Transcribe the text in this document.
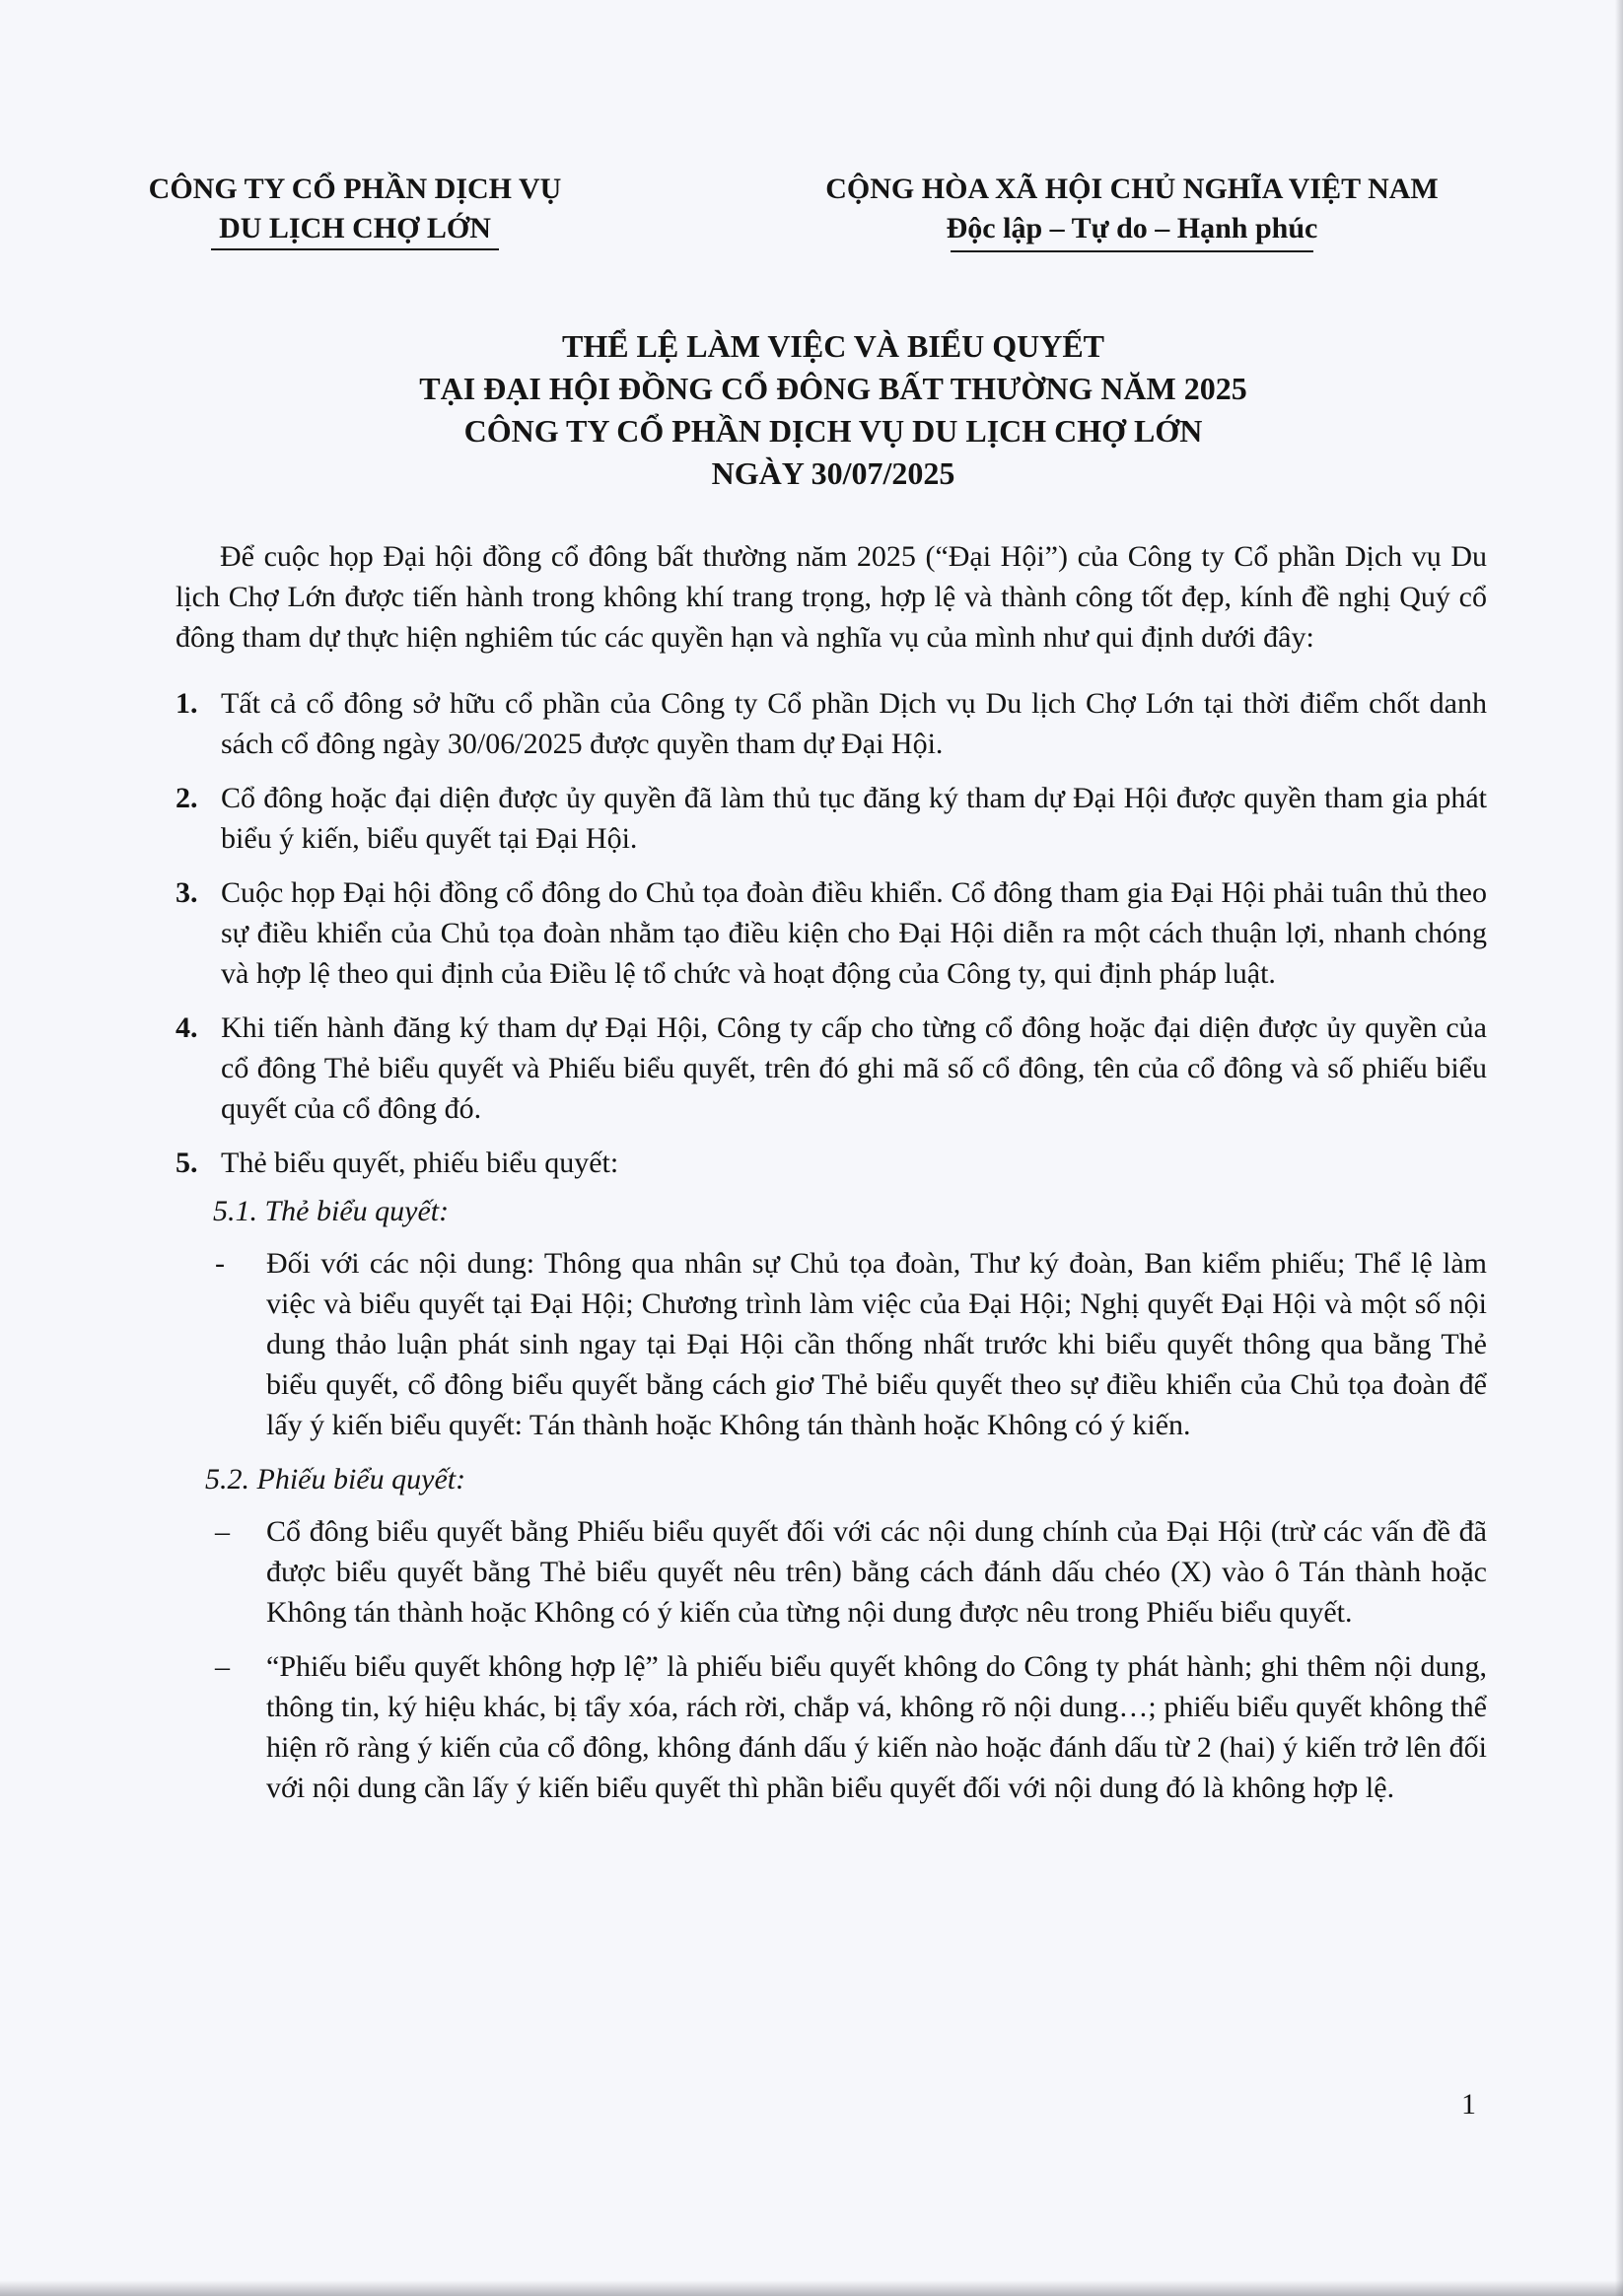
CÔNG TY CỔ PHẦN DỊCH VỤ
DU LỊCH CHỢ LỚN
CỘNG HÒA XÃ HỘI CHỦ NGHĨA VIỆT NAM
Độc lập – Tự do – Hạnh phúc
THỂ LỆ LÀM VIỆC VÀ BIỂU QUYẾT
TẠI ĐẠI HỘI ĐỒNG CỔ ĐÔNG BẤT THƯỜNG NĂM 2025
CÔNG TY CỔ PHẦN DỊCH VỤ DU LỊCH CHỢ LỚN
NGÀY 30/07/2025

Để cuộc họp Đại hội đồng cổ đông bất thường năm 2025 (“Đại Hội”) của Công ty Cổ phần Dịch vụ Du lịch Chợ Lớn được tiến hành trong không khí trang trọng, hợp lệ và thành công tốt đẹp, kính đề nghị Quý cổ đông tham dự thực hiện nghiêm túc các quyền hạn và nghĩa vụ của mình như qui định dưới đây:

1. Tất cả cổ đông sở hữu cổ phần của Công ty Cổ phần Dịch vụ Du lịch Chợ Lớn tại thời điểm chốt danh sách cổ đông ngày 30/06/2025 được quyền tham dự Đại Hội.
2. Cổ đông hoặc đại diện được ủy quyền đã làm thủ tục đăng ký tham dự Đại Hội được quyền tham gia phát biểu ý kiến, biểu quyết tại Đại Hội.
3. Cuộc họp Đại hội đồng cổ đông do Chủ tọa đoàn điều khiển. Cổ đông tham gia Đại Hội phải tuân thủ theo sự điều khiển của Chủ tọa đoàn nhằm tạo điều kiện cho Đại Hội diễn ra một cách thuận lợi, nhanh chóng và hợp lệ theo qui định của Điều lệ tổ chức và hoạt động của Công ty, qui định pháp luật.
4. Khi tiến hành đăng ký tham dự Đại Hội, Công ty cấp cho từng cổ đông hoặc đại diện được ủy quyền của cổ đông Thẻ biểu quyết và Phiếu biểu quyết, trên đó ghi mã số cổ đông, tên của cổ đông và số phiếu biểu quyết của cổ đông đó.
5. Thẻ biểu quyết, phiếu biểu quyết:
5.1. Thẻ biểu quyết:
- Đối với các nội dung: Thông qua nhân sự Chủ tọa đoàn, Thư ký đoàn, Ban kiểm phiếu; Thể lệ làm việc và biểu quyết tại Đại Hội; Chương trình làm việc của Đại Hội; Nghị quyết Đại Hội và một số nội dung thảo luận phát sinh ngay tại Đại Hội cần thống nhất trước khi biểu quyết thông qua bằng Thẻ biểu quyết, cổ đông biểu quyết bằng cách giơ Thẻ biểu quyết theo sự điều khiển của Chủ tọa đoàn để lấy ý kiến biểu quyết: Tán thành hoặc Không tán thành hoặc Không có ý kiến.
5.2. Phiếu biểu quyết:
– Cổ đông biểu quyết bằng Phiếu biểu quyết đối với các nội dung chính của Đại Hội (trừ các vấn đề đã được biểu quyết bằng Thẻ biểu quyết nêu trên) bằng cách đánh dấu chéo (X) vào ô Tán thành hoặc Không tán thành hoặc Không có ý kiến của từng nội dung được nêu trong Phiếu biểu quyết.
– “Phiếu biểu quyết không hợp lệ” là phiếu biểu quyết không do Công ty phát hành; ghi thêm nội dung, thông tin, ký hiệu khác, bị tẩy xóa, rách rời, chắp vá, không rõ nội dung…; phiếu biểu quyết không thể hiện rõ ràng ý kiến của cổ đông, không đánh dấu ý kiến nào hoặc đánh dấu từ 2 (hai) ý kiến trở lên đối với nội dung cần lấy ý kiến biểu quyết thì phần biểu quyết đối với nội dung đó là không hợp lệ.
1
